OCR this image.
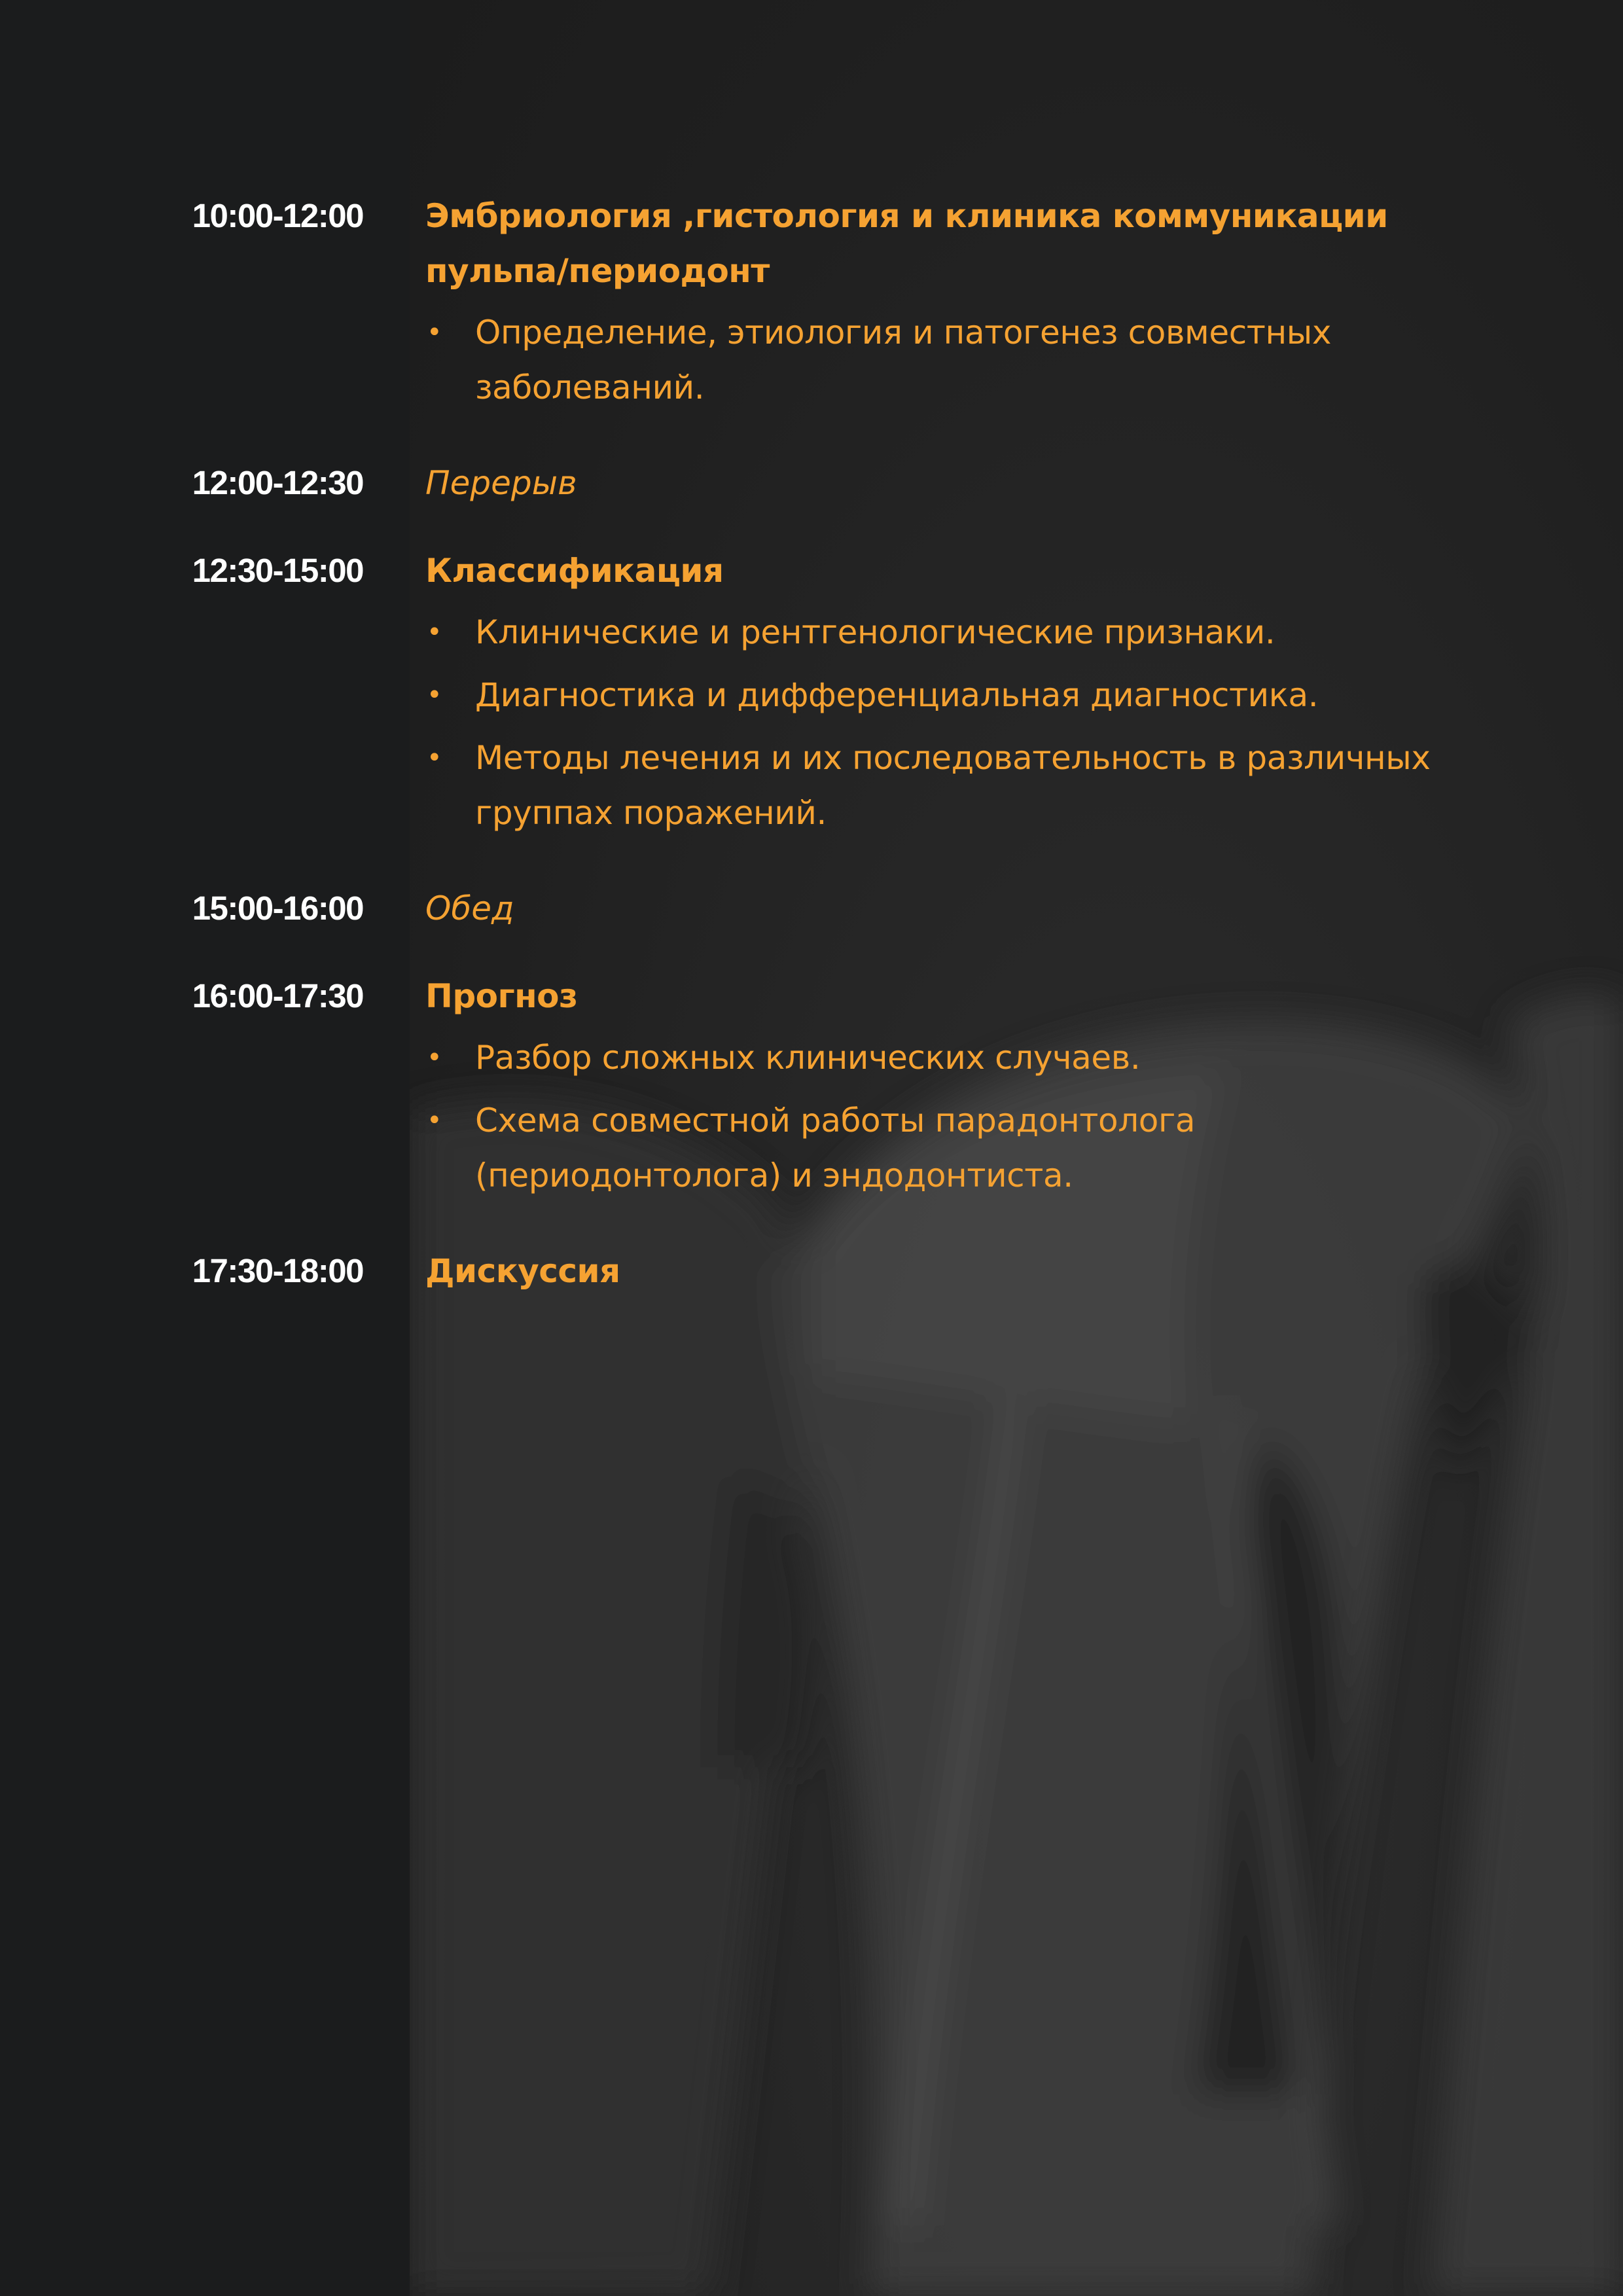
10:00-12:00 Эмбриология ,гистология и клиника коммуникации пульпа/периодонт
• Определение, этиология и патогенез совместных заболеваний.
12:00-12:30 Перерыв
12:30-15:00 Классификация
• Клинические и рентгенологические признаки.
• Диагностика и дифференциальная диагностика.
• Методы лечения и их последовательность в различных группах поражений.
15:00-16:00 Обед
16:00-17:30 Прогноз
• Разбор сложных клинических случаев.
• Схема совместной работы парадонтолога (периодонтолога) и эндодонтиста.
17:30-18:00 Дискуссия
